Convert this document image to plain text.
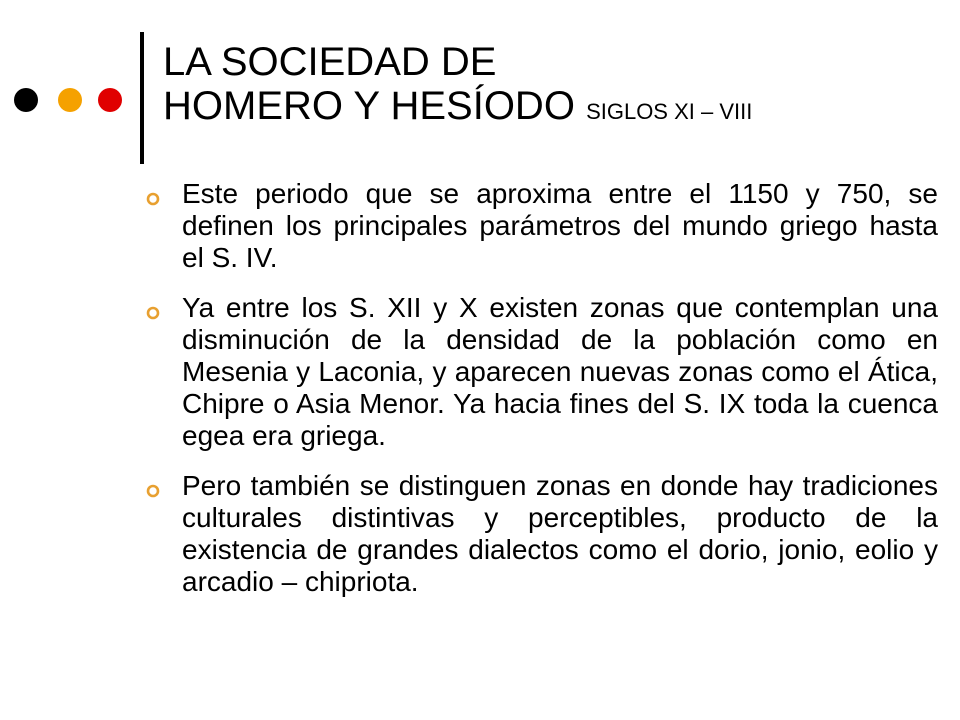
LA SOCIEDAD DE
HOMERO Y HESÍODO SIGLOS XI – VIII
Este periodo que se aproxima entre el 1150 y 750, se definen los principales parámetros del mundo griego hasta el S. IV.
Ya entre los S. XII y X existen zonas que contemplan una disminución de la densidad de la población como en Mesenia y Laconia, y aparecen nuevas zonas como el Ática, Chipre o Asia Menor. Ya hacia fines del S. IX toda la cuenca egea era griega.
Pero también se distinguen zonas en donde hay tradiciones culturales distintivas y perceptibles, producto de la existencia de grandes dialectos como el dorio, jonio, eolio y arcadio – chipriota.
